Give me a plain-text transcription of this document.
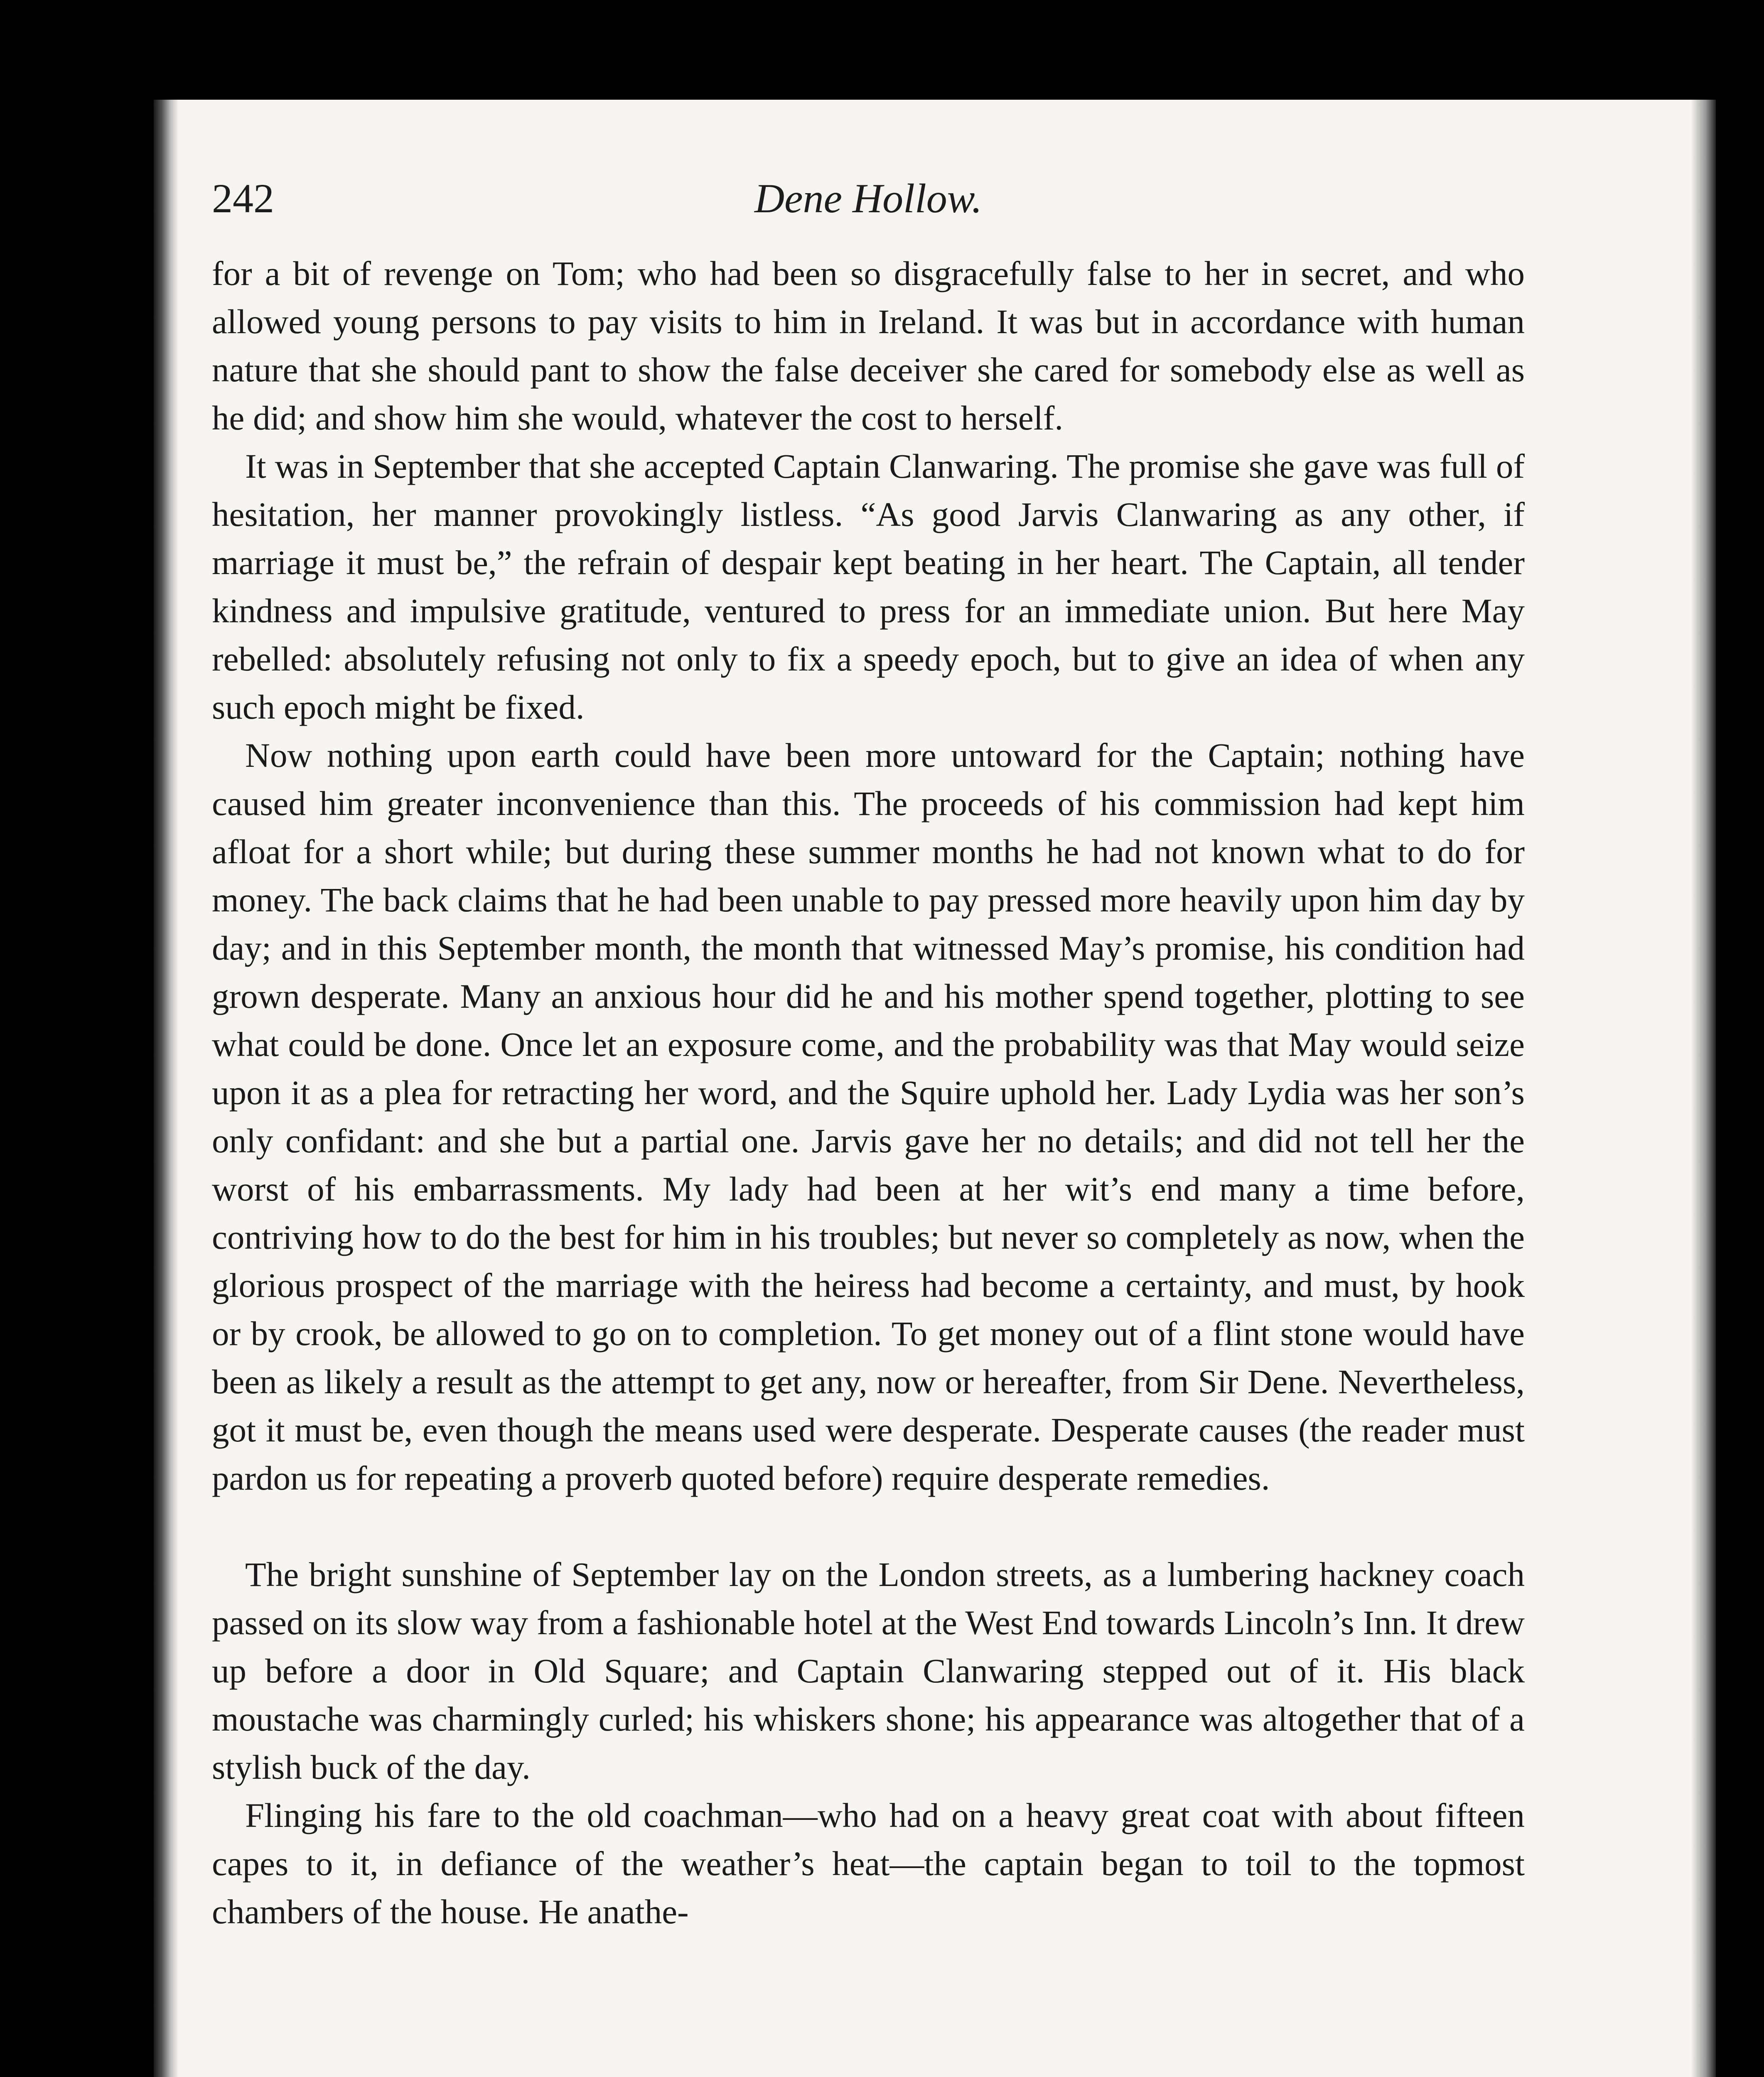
242	Dene Hollow.

for a bit of revenge on Tom; who had been so disgracefully false to her in secret, and who allowed young persons to pay visits to him in Ireland. It was but in accordance with human nature that she should pant to show the false deceiver she cared for somebody else as well as he did; and show him she would, whatever the cost to herself.

It was in September that she accepted Captain Clanwaring. The promise she gave was full of hesitation, her manner provokingly listless. “As good Jarvis Clanwaring as any other, if marriage it must be,” the refrain of despair kept beating in her heart. The Captain, all tender kindness and impulsive gratitude, ventured to press for an immediate union. But here May rebelled: absolutely refusing not only to fix a speedy epoch, but to give an idea of when any such epoch might be fixed.

Now nothing upon earth could have been more untoward for the Captain; nothing have caused him greater inconvenience than this. The proceeds of his commission had kept him afloat for a short while; but during these summer months he had not known what to do for money. The back claims that he had been unable to pay pressed more heavily upon him day by day; and in this September month, the month that witnessed May’s promise, his condition had grown desperate. Many an anxious hour did he and his mother spend together, plotting to see what could be done. Once let an exposure come, and the probability was that May would seize upon it as a plea for retracting her word, and the Squire uphold her. Lady Lydia was her son’s only confidant: and she but a partial one. Jarvis gave her no details; and did not tell her the worst of his embarrassments. My lady had been at her wit’s end many a time before, contriving how to do the best for him in his troubles; but never so completely as now, when the glorious prospect of the marriage with the heiress had become a certainty, and must, by hook or by crook, be allowed to go on to completion. To get money out of a flint stone would have been as likely a result as the attempt to get any, now or hereafter, from Sir Dene. Nevertheless, got it must be, even though the means used were desperate. Desperate causes (the reader must pardon us for repeating a proverb quoted before) require desperate remedies.

The bright sunshine of September lay on the London streets, as a lumbering hackney coach passed on its slow way from a fashionable hotel at the West End towards Lincoln’s Inn. It drew up before a door in Old Square; and Captain Clanwaring stepped out of it. His black moustache was charmingly curled; his whiskers shone; his appearance was altogether that of a stylish buck of the day.

Flinging his fare to the old coachman—who had on a heavy great coat with about fifteen capes to it, in defiance of the weather’s heat—the captain began to toil to the topmost chambers of the house. He anathe-
